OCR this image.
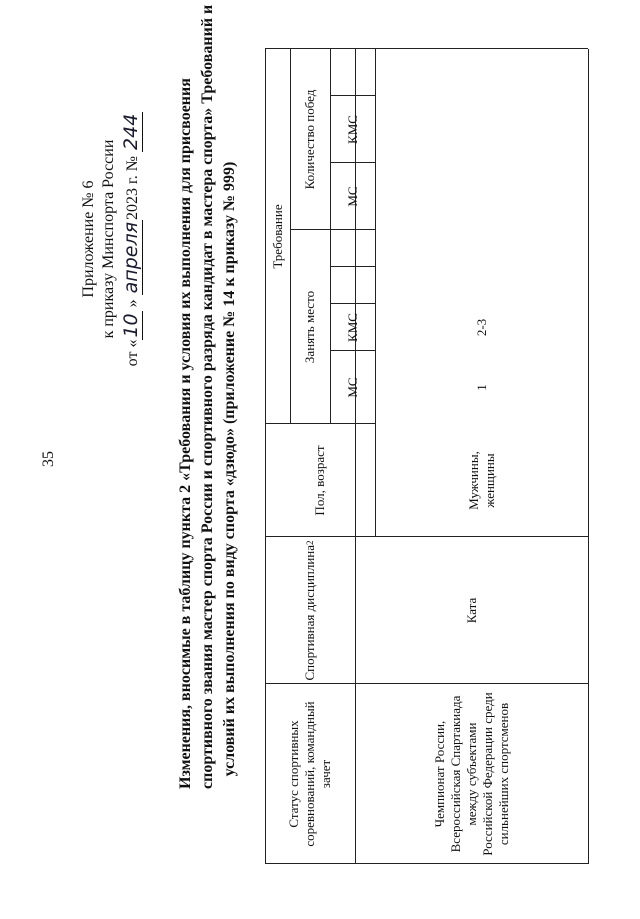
35
Приложение № 6 к приказу Минспорта России
от «10 » апреля2023 г. № 244 Изменения, вносимые в таблицу пункта 2 «Требования и условия их выполнения для присвоения спортивного звания мастер спорта России и спортивного разряда кандидат в мастера спорта» Требований и условий их выполнения по виду спорта «дзюдо» (приложение № 14 к приказу № 999)	Статус спортивных соревнований, командный зачет
Спортивная дисциплина
2
Пол, возраст
Требование
Занять место
Количество побед
МС
КМС
МС
КМС
Мужчины, женщины
1
2-3
Чемпионат России, Всероссийская Спартакиада между субъектами Российской Федерации среди сильнейших спортсменов
Ката
